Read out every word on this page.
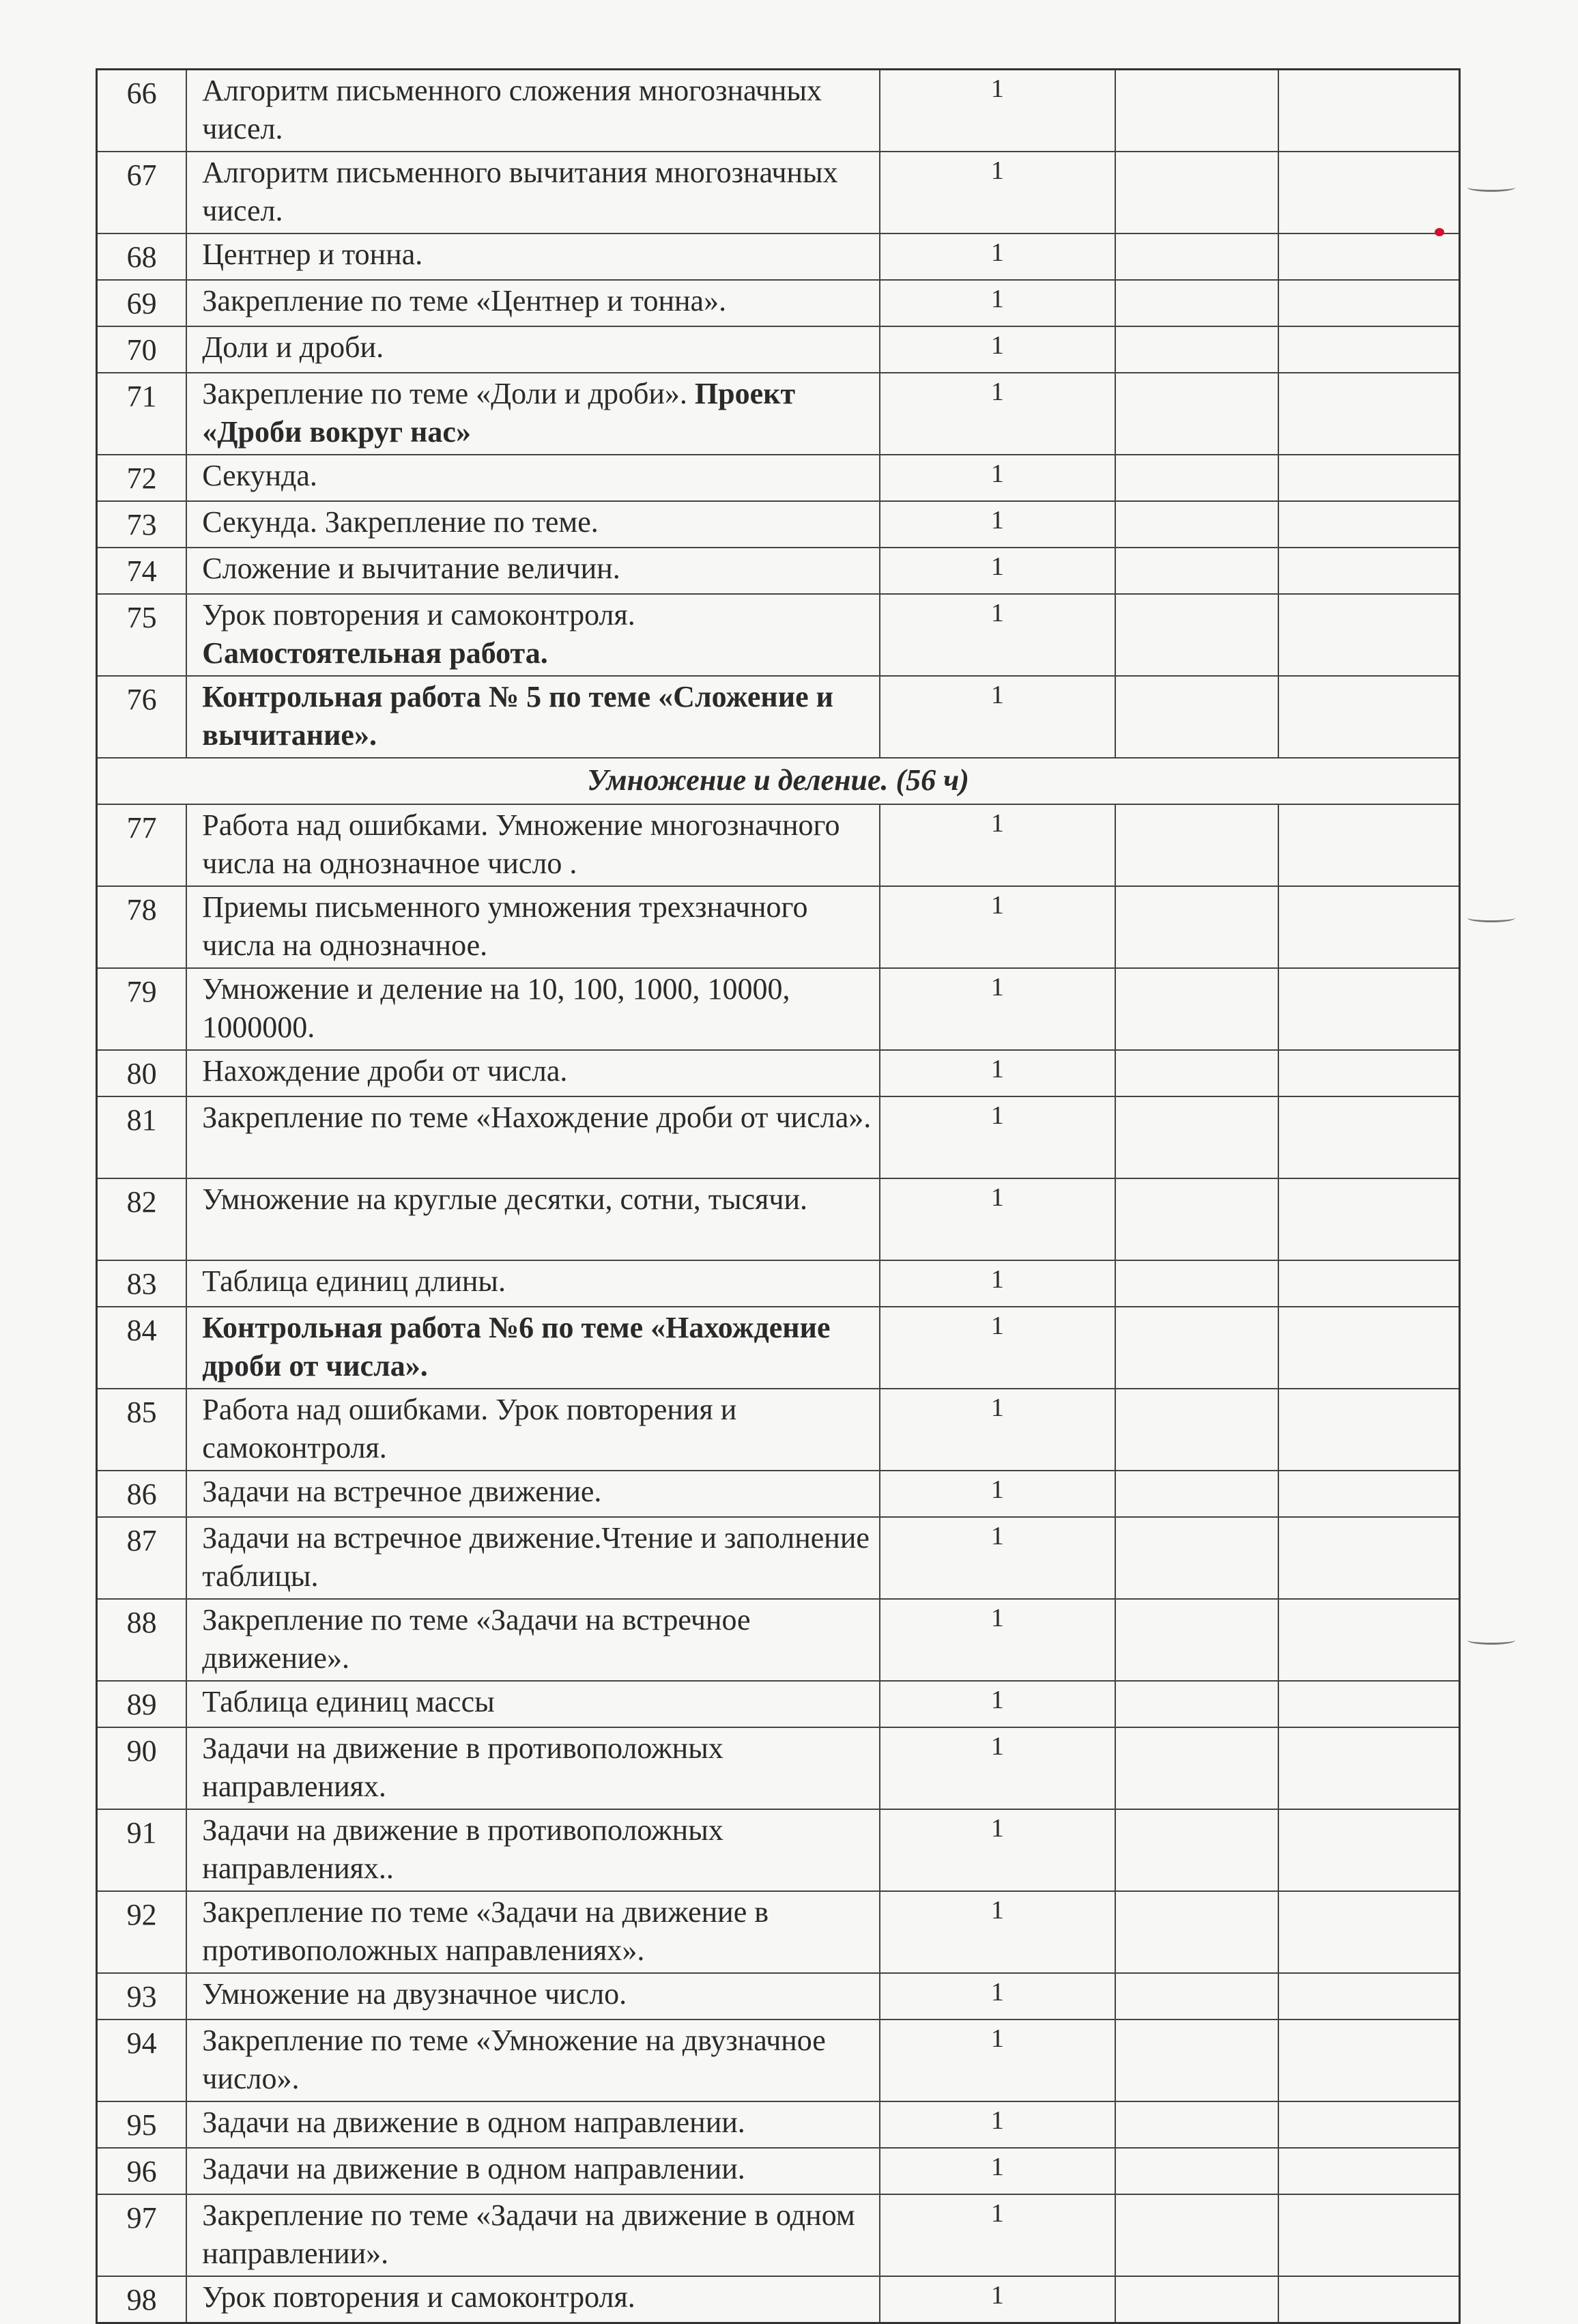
66	Алгоритм письменного сложения многозначных чисел.	1		
67	Алгоритм письменного вычитания многозначных чисел.	1		
68	Центнер и тонна.	1		
69	Закрепление по теме «Центнер и тонна».	1		
70	Доли и дроби.	1		
71	Закрепление по теме «Доли и дроби». Проект «Дроби вокруг нас»	1		
72	Секунда.	1		
73	Секунда. Закрепление по теме.	1		
74	Сложение и вычитание величин.	1		
75	Урок повторения и самоконтроля.
Самостоятельная работа.	1		
76	Контрольная работа № 5 по теме «Сложение и вычитание».	1		
Умножение и деление. (56 ч)				
77	Работа над ошибками. Умножение многозначного числа на однозначное число .	1		
78	Приемы письменного умножения трехзначного числа на однозначное.	1		
79	Умножение и деление на 10, 100, 1000, 10000, 1000000.	1		
80	Нахождение дроби от числа.	1		
81	Закрепление по теме «Нахождение дроби от числа».	1		
82	Умножение на круглые десятки, сотни, тысячи.	1		
83	Таблица единиц длины.	1		
84	Контрольная работа №6 по теме «Нахождение дроби от числа».	1		
85	Работа над ошибками. Урок повторения и самоконтроля.	1		
86	Задачи на встречное движение.	1		
87	Задачи на встречное движение.Чтение и заполнение таблицы.	1		
88	Закрепление по теме «Задачи на встречное движение».	1		
89	Таблица единиц массы	1		
90	Задачи на движение в противоположных направлениях.	1		
91	Задачи на движение в противоположных направлениях..	1		
92	Закрепление по теме «Задачи на движение в противоположных направлениях».	1		
93	Умножение на двузначное число.	1		
94	Закрепление по теме «Умножение на двузначное число».	1		
95	Задачи на движение в одном направлении.	1		
96	Задачи на движение в одном направлении.	1		
97	Закрепление по теме «Задачи на движение в одном направлении».	1		
98	Урок повторения и самоконтроля.	1		
